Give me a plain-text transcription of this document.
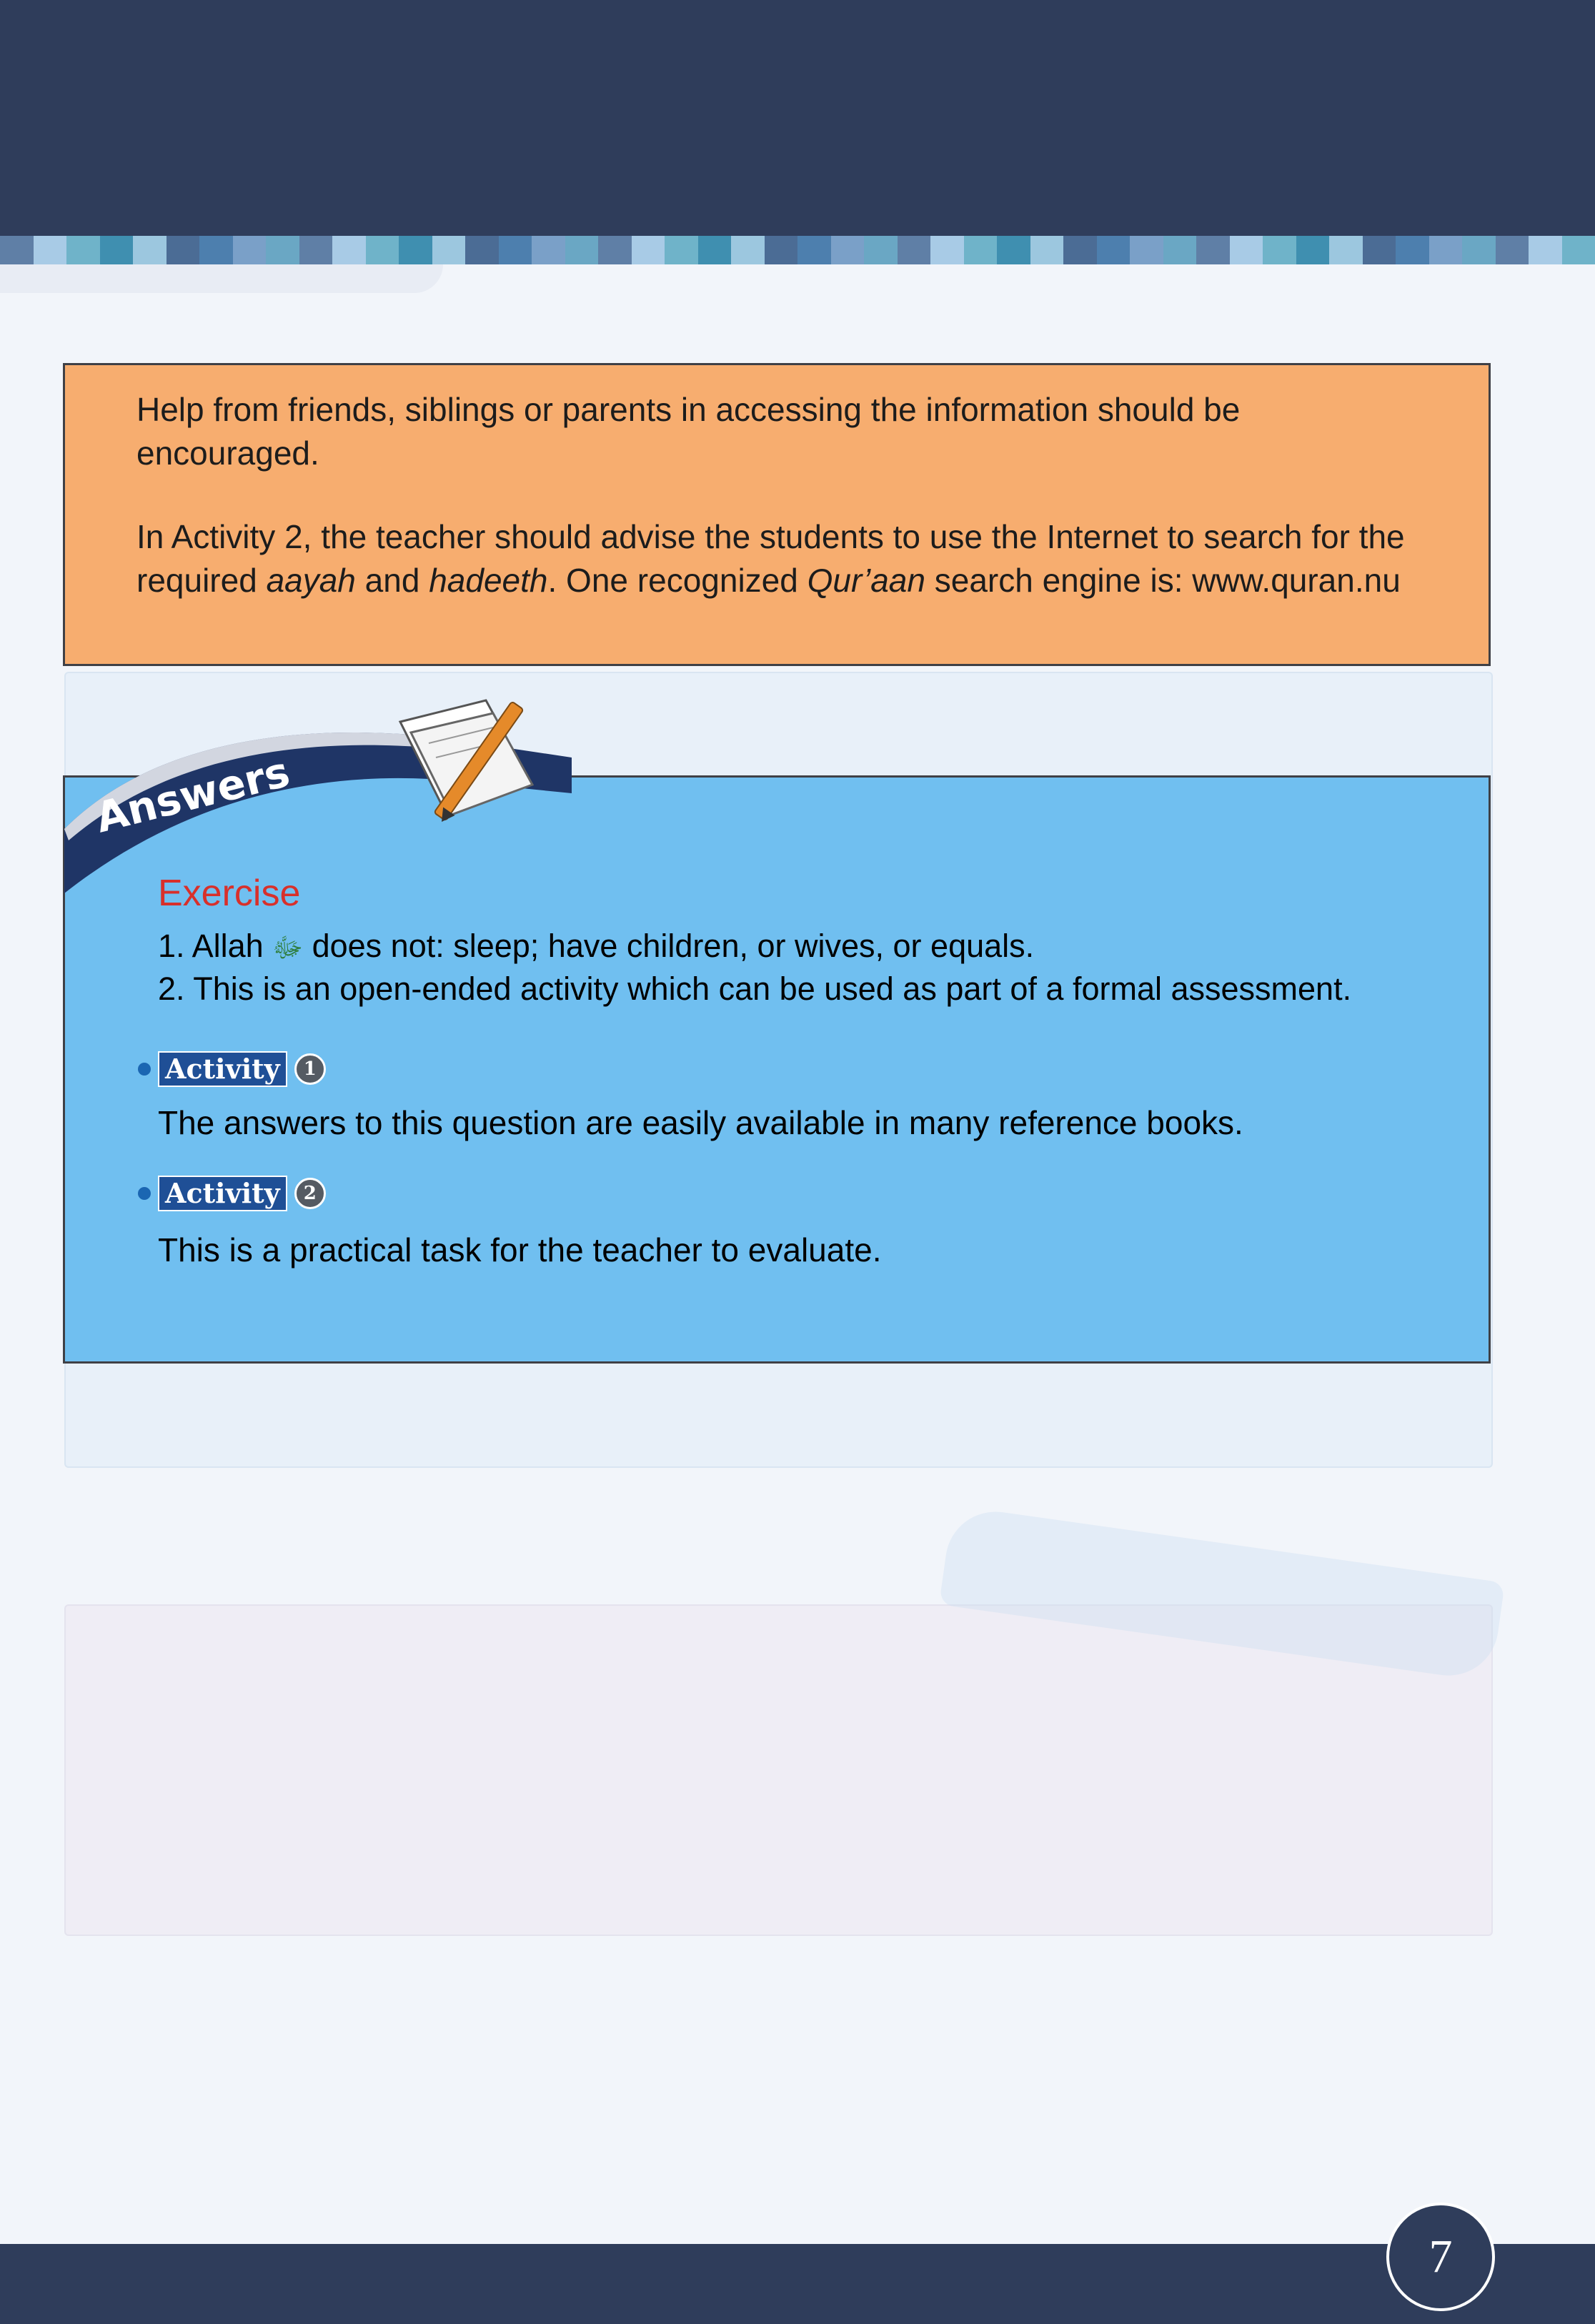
Help from friends, siblings or parents in accessing the information should be encouraged.

In Activity 2, the teacher should advise the students to use the Internet to search for the required aayah and hadeeth. One recognized Qur’aan search engine is: www.quran.nu

Exercise

1. Allah ﷻ does not: sleep; have children, or wives, or equals.

2. This is an open-ended activity which can be used as part of a formal assessment.

Activity	1

The answers to this question are easily available in many reference books.

Activity	2

This is a practical task for the teacher to evaluate.

Answers
7
